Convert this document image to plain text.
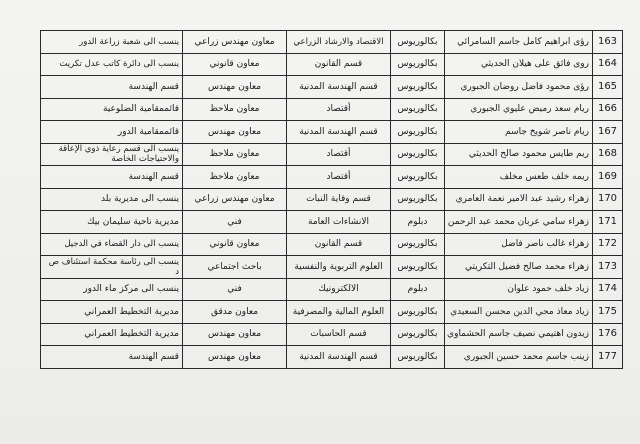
163	رؤى ابراهيم كامل جاسم السامرائي	بكالوريوس	الاقتصاد والارشاد الزراعي	معاون مهندس زراعي	ينسب الى شعبة زراعة الدور
164	روى فائق على هيلان الحديثي	بكالوريوس	قسم القانون	معاون قانوني	ينسب الى دائرة كاتب عدل تكريت
165	رؤى محمود فاضل روضان الجبوري	بكالوريوس	قسم الهندسة المدنية	معاون مهندس	قسم الهندسة
166	ريام سعد رميض عليوي الجبوري	بكالوريوس	أقتصاد	معاون ملاحظ	قائممقامية الضلوعية
167	ريام ناصر شويخ جاسم	بكالوريوس	قسم الهندسة المدنية	معاون مهندس	قائممقامية الدور
168	ريم طايس محمود صالح الحديثي	بكالوريوس	أقتصاد	معاون ملاحظ	ينسب الى قسم رعاية ذوي الإعاقة والاحتياجات الخاصة
169	ريمه خلف طعس مخلف	بكالوريوس	أقتصاد	معاون ملاحظ	قسم الهندسة
170	زهراء رشيد عبد الامير نعمة العامري	بكالوريوس	قسم وقاية النبات	معاون مهندس زراعي	ينسب الى مديرية بلد
171	زهراء سامي عربان محمد عبد الرحمن	دبلوم	الانشاءات العامة	فني	مديرية ناحية سليمان بيك
172	زهراء غالب ناصر فاضل	بكالوريوس	قسم القانون	معاون قانوني	ينسب الى دار القضاء في الدجيل
173	زهراء محمد صالح فضيل التكريتي	بكالوريوس	العلوم التربوية والنفسية	باحث اجتماعي	ينسب الى رئاسة محكمة استئناف ص د
174	زياد خلف حمود علوان	دبلوم	الالكترونيك	فني	ينسب الى مركز ماء الدور
175	زياد معاذ محي الدين محسن السعيدي	بكالوريوس	العلوم المالية والمصرفية	معاون مدقق	مديرية التخطيط العمراني
176	زيدون اهتيمي نصيف جاسم الحشماوي	بكالوريوس	قسم الحاسبات	معاون مهندس	مديرية التخطيط العمراني
177	زينب جاسم محمد حسين الجبوري	بكالوريوس	قسم الهندسة المدنية	معاون مهندس	قسم الهندسة
